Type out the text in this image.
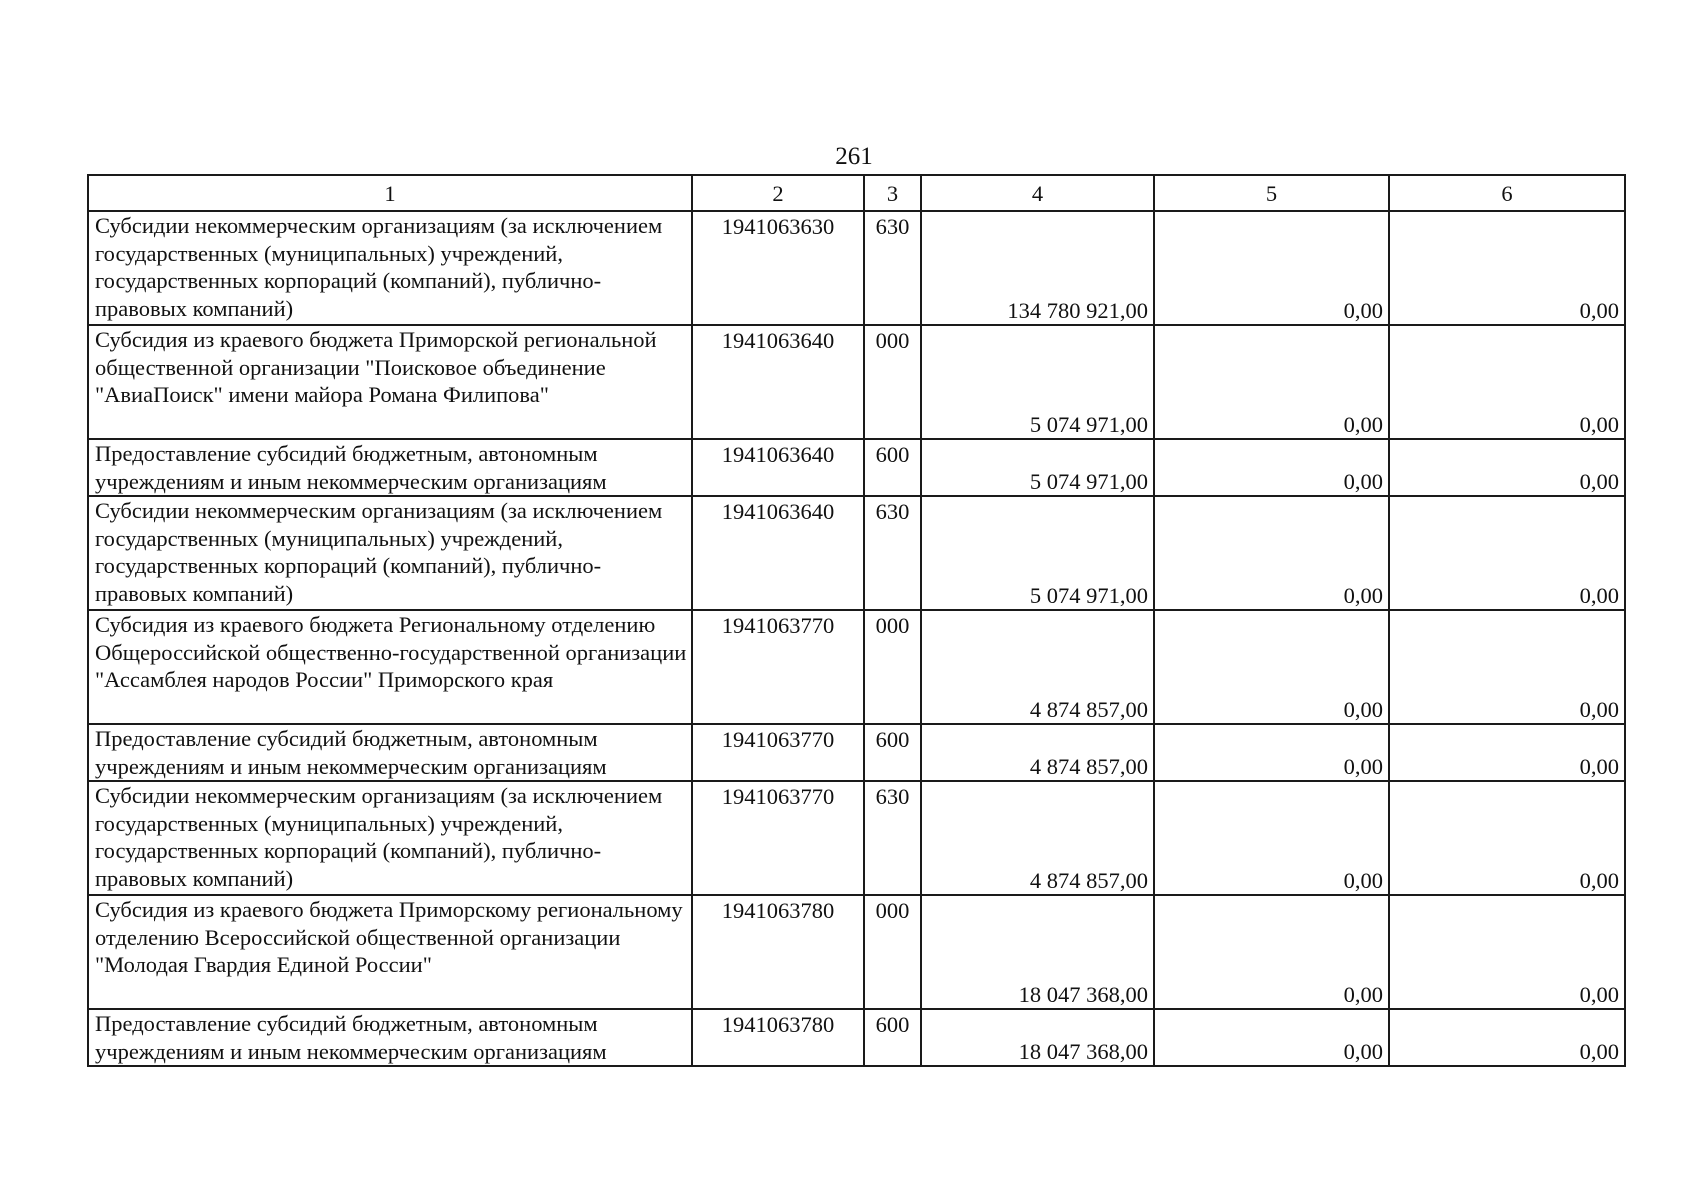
261
1	2	3	4	5	6
Субсидии некоммерческим организациям (за исключением государственных (муниципальных) учреждений, государственных корпораций (компаний), публично-правовых компаний)	1941063630	630	134 780 921,00	0,00	0,00
Субсидия из краевого бюджета Приморской региональной общественной организации "Поисковое объединение "АвиаПоиск" имени майора Романа Филипова"	1941063640	000	5 074 971,00	0,00	0,00
Предоставление субсидий бюджетным, автономным учреждениям и иным некоммерческим организациям	1941063640	600	5 074 971,00	0,00	0,00
Субсидии некоммерческим организациям (за исключением государственных (муниципальных) учреждений, государственных корпораций (компаний), публично-правовых компаний)	1941063640	630	5 074 971,00	0,00	0,00
Субсидия из краевого бюджета Региональному отделению Общероссийской общественно-государственной организации "Ассамблея народов России" Приморского края	1941063770	000	4 874 857,00	0,00	0,00
Предоставление субсидий бюджетным, автономным учреждениям и иным некоммерческим организациям	1941063770	600	4 874 857,00	0,00	0,00
Субсидии некоммерческим организациям (за исключением государственных (муниципальных) учреждений, государственных корпораций (компаний), публично-правовых компаний)	1941063770	630	4 874 857,00	0,00	0,00
Субсидия из краевого бюджета Приморскому региональному отделению Всероссийской общественной организации "Молодая Гвардия Единой России"	1941063780	000	18 047 368,00	0,00	0,00
Предоставление субсидий бюджетным, автономным учреждениям и иным некоммерческим организациям	1941063780	600	18 047 368,00	0,00	0,00
